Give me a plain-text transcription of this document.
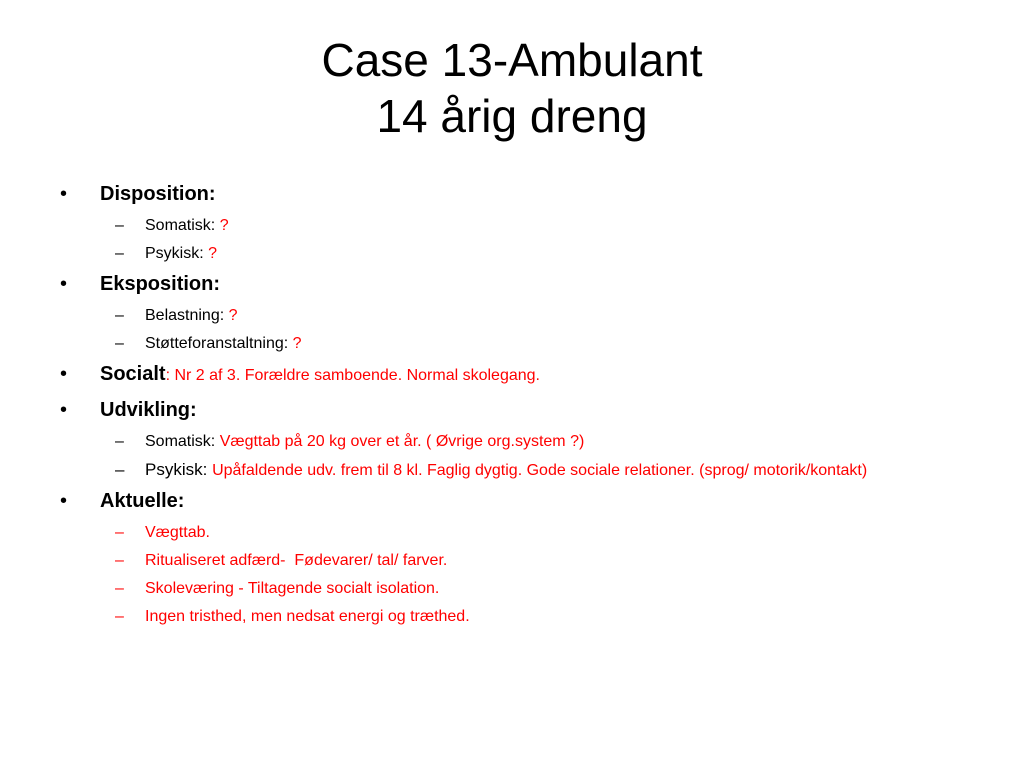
Case 13-Ambulant
14 årig dreng
• Disposition:
– Somatisk: ?
– Psykisk: ?
• Eksposition:
– Belastning: ?
– Støtteforanstaltning: ?
• Socialt: Nr 2 af 3. Forældre samboende. Normal skolegang.
• Udvikling:
– Somatisk: Vægttab på 20 kg over et år. ( Øvrige org.system ?)
– Psykisk: Upåfaldende udv. frem til 8 kl. Faglig dygtig. Gode sociale relationer. (sprog/ motorik/kontakt)
• Aktuelle:
– Vægttab.
– Ritualiseret adfærd-  Fødevarer/ tal/ farver.
– Skoleværing - Tiltagende socialt isolation.
– Ingen tristhed, men nedsat energi og træthed.
